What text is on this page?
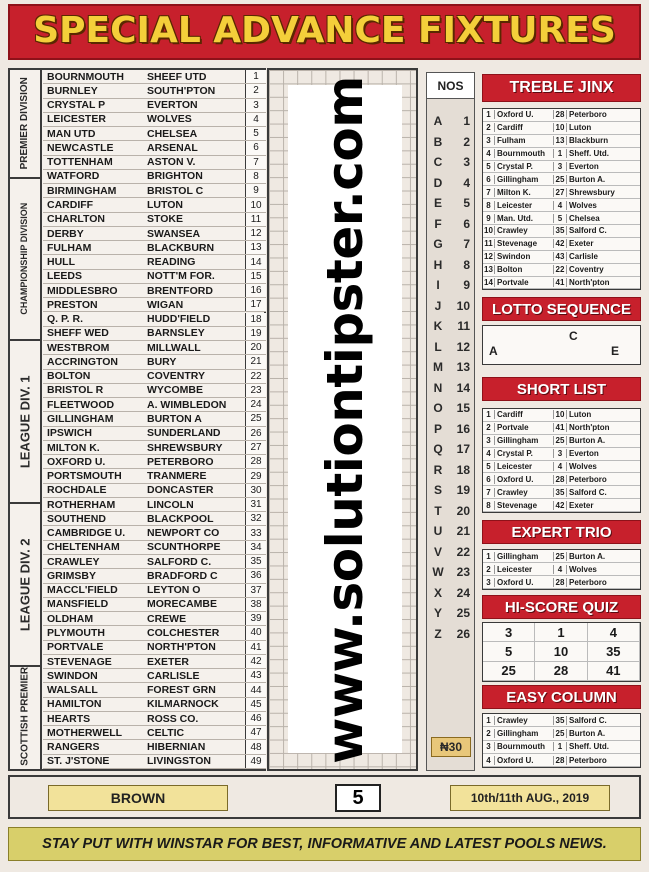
SPECIAL ADVANCE FIXTURES
PREMIER DIVISION
CHAMPIONSHIP DIVISION
LEAGUE DIV. 1
LEAGUE DIV. 2
SCOTTISH PREMIER
BOURNMOUTH	SHEEF UTD	1
BURNLEY	SOUTH'PTON	2
CRYSTAL P	EVERTON	3
LEICESTER	WOLVES	4
MAN UTD	CHELSEA	5
NEWCASTLE	ARSENAL	6
TOTTENHAM	ASTON V.	7
WATFORD	BRIGHTON	8
BIRMINGHAM	BRISTOL C	9
CARDIFF	LUTON	10
CHARLTON	STOKE	11
DERBY	SWANSEA	12
FULHAM	BLACKBURN	13
HULL	READING	14
LEEDS	NOTT'M FOR.	15
MIDDLESBRO	BRENTFORD	16
PRESTON	WIGAN	17
Q. P. R.	HUDD'FIELD	18
SHEFF WED	BARNSLEY	19
WESTBROM	MILLWALL	20
ACCRINGTON	BURY	21
BOLTON	COVENTRY	22
BRISTOL R	WYCOMBE	23
FLEETWOOD	A. WIMBLEDON	24
GILLINGHAM	BURTON A	25
IPSWICH	SUNDERLAND	26
MILTON K.	SHREWSBURY	27
OXFORD U.	PETERBORO	28
PORTSMOUTH	TRANMERE	29
ROCHDALE	DONCASTER	30
ROTHERHAM	LINCOLN	31
SOUTHEND	BLACKPOOL	32
CAMBRIDGE U.	NEWPORT CO	33
CHELTENHAM	SCUNTHORPE	34
CRAWLEY	SALFORD C.	35
GRIMSBY	BRADFORD C	36
MACCL'FIELD	LEYTON O	37
MANSFIELD	MORECAMBE	38
OLDHAM	CREWE	39
PLYMOUTH	COLCHESTER	40
PORTVALE	NORTH'PTON	41
STEVENAGE	EXETER	42
SWINDON	CARLISLE	43
WALSALL	FOREST GRN	44
HAMILTON	KILMARNOCK	45
HEARTS	ROSS CO.	46
MOTHERWELL	CELTIC	47
RANGERS	HIBERNIAN	48
ST. J'STONE	LIVINGSTON	49 www.solutiontipster.com	NOS
A	1
B	2
C	3
D	4
E	5
F	6
G	7
H	8
I	9
J	10
K	11
L	12
M	13
N	14
O	15
P	16
Q	17
R	18
S	19
T	20
U	21
V	22
W	23
X	24
Y	25
Z	26
₦30
TREBLE JINX
1 Oxford U.	28 Peterboro
2 Cardiff	10 Luton
3 Fulham	13 Blackburn
4 Bournmouth	1 Sheff. Utd.
5 Crystal P.	3 Everton
6 Gillingham	25 Burton A.
7 Milton K.	27 Shrewsbury
8 Leicester	4 Wolves
9 Man. Utd.	5 Chelsea
10 Crawley	35 Salford C.
11 Stevenage	42 Exeter
12 Swindon	43 Carlisle
13 Bolton	22 Coventry
14 Portvale	41 North'pton
LOTTO SEQUENCE
A
C
E
SHORT LIST
1 Cardiff	10 Luton
2 Portvale	41 North'pton
3 Gillingham	25 Burton A.
4 Crystal P.	3 Everton
5 Leicester	4 Wolves
6 Oxford U.	28 Peterboro
7 Crawley	35 Salford C.
8 Stevenage	42 Exeter
EXPERT TRIO
1 Gillingham	25 Burton A.
2 Leicester	4 Wolves
3 Oxford U.	28 Peterboro
HI-SCORE QUIZ
3	1	4
5	10	35
25	28	41
EASY COLUMN
1 Crawley	35 Salford C.
2 Gillingham	25 Burton A.
3 Bournmouth	1 Sheff. Utd.
4 Oxford U.	28 Peterboro
BROWN	5	10th/11th AUG., 2019
STAY PUT WITH WINSTAR FOR BEST, INFORMATIVE AND LATEST POOLS NEWS.
